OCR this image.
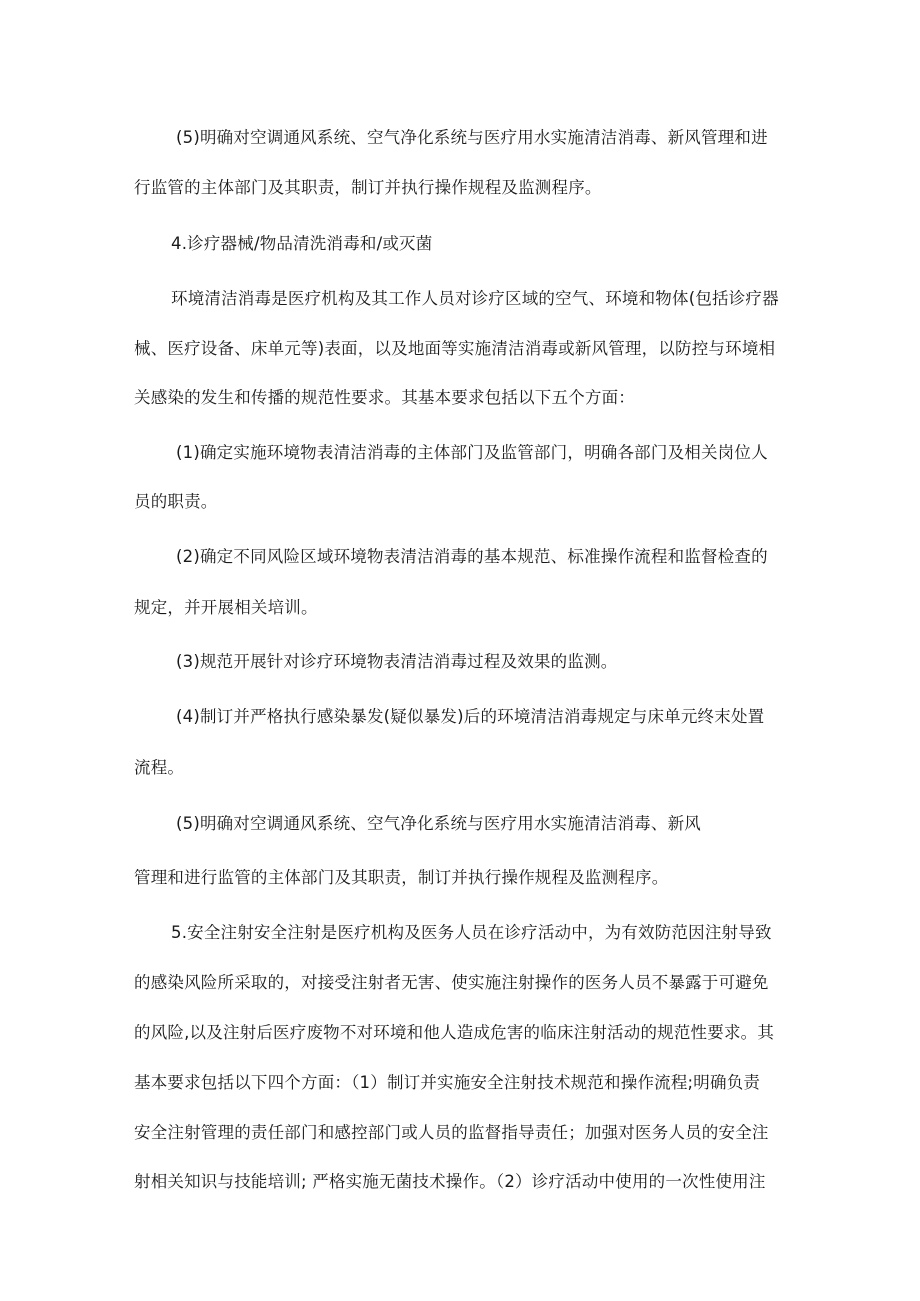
(5)明确对空调通风系统、空气净化系统与医疗用水实施清洁消毒、新风管理和进
行监管的主体部门及其职责，制订并执行操作规程及监测程序。
4.诊疗器械/物品清洗消毒和/或灭菌
环境清洁消毒是医疗机构及其工作人员对诊疗区域的空气、环境和物体(包括诊疗器
械、医疗设备、床单元等)表面，以及地面等实施清洁消毒或新风管理，以防控与环境相
关感染的发生和传播的规范性要求。其基本要求包括以下五个方面：
(1)确定实施环境物表清洁消毒的主体部门及监管部门，明确各部门及相关岗位人
员的职责。
(2)确定不同风险区域环境物表清洁消毒的基本规范、标准操作流程和监督检查的
规定，并开展相关培训。
(3)规范开展针对诊疗环境物表清洁消毒过程及效果的监测。
(4)制订并严格执行感染暴发(疑似暴发)后的环境清洁消毒规定与床单元终末处置
流程。
(5)明确对空调通风系统、空气净化系统与医疗用水实施清洁消毒、新风
管理和进行监管的主体部门及其职责，制订并执行操作规程及监测程序。
5.安全注射安全注射是医疗机构及医务人员在诊疗活动中，为有效防范因注射导致
的感染风险所采取的，对接受注射者无害、使实施注射操作的医务人员不暴露于可避免
的风险,以及注射后医疗废物不对环境和他人造成危害的临床注射活动的规范性要求。其
基本要求包括以下四个方面：（1）制订并实施安全注射技术规范和操作流程;明确负责
安全注射管理的责任部门和感控部门或人员的监督指导责任；加强对医务人员的安全注
射相关知识与技能培训; 严格实施无菌技术操作。（2）诊疗活动中使用的一次性使用注
